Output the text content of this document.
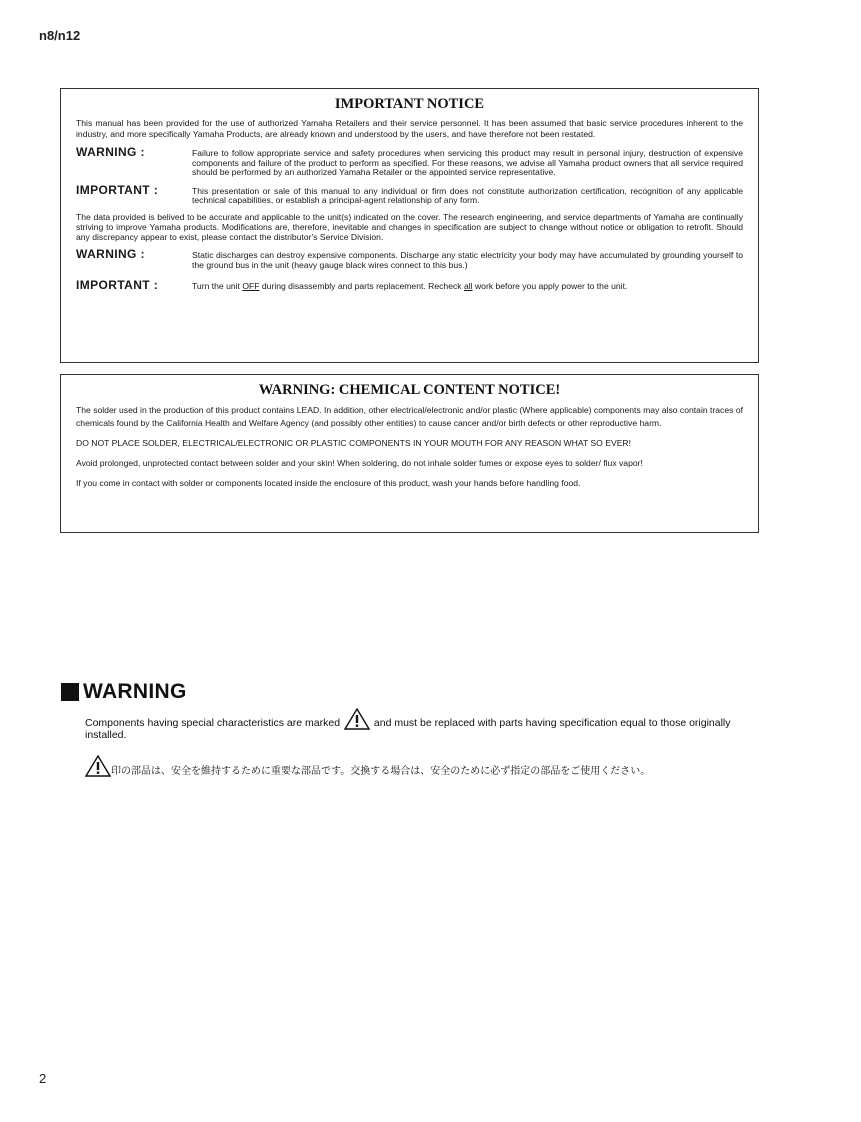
n8/n12
IMPORTANT NOTICE
This manual has been provided for the use of authorized Yamaha Retailers and their service personnel. It has been assumed that basic service procedures inherent to the industry, and more specifically Yamaha Products, are already known and understood by the users, and have therefore not been restated.
WARNING :	Failure to follow appropriate service and safety procedures when servicing this product may result in personal injury, destruction of expensive components and failure of the product to perform as specified. For these reasons, we advise all Yamaha product owners that all service required should be performed by an authorized Yamaha Retailer or the appointed service representative.
IMPORTANT :	This presentation or sale of this manual to any individual or firm does not constitute authorization certification, recognition of any applicable technical capabilities, or establish a principal-agent relationship of any form.
The data provided is belived to be accurate and applicable to the unit(s) indicated on the cover. The research engineering, and service departments of Yamaha are continually striving to improve Yamaha products. Modifications are, therefore, inevitable and changes in specification are subject to change without notice or obligation to retrofit. Should any discrepancy appear to exist, please contact the distributor's Service Division.
WARNING :	Static discharges can destroy expensive components. Discharge any static electricity your body may have accumulated by grounding yourself to the ground bus in the unit (heavy gauge black wires connect to this bus.)
IMPORTANT :	Turn the unit OFF during disassembly and parts replacement. Recheck all work before you apply power to the unit.
WARNING: CHEMICAL CONTENT NOTICE!
The solder used in the production of this product contains LEAD. In addition, other electrical/electronic and/or plastic (Where applicable) components may also contain traces of chemicals found by the California Health and Welfare Agency (and possibly other entities) to cause cancer and/or birth defects or other reproductive harm.
DO NOT PLACE SOLDER, ELECTRICAL/ELECTRONIC OR PLASTIC COMPONENTS IN YOUR MOUTH FOR ANY REASON WHAT SO EVER!
Avoid prolonged, unprotected contact between solder and your skin! When soldering, do not inhale solder fumes or expose eyes to solder/ flux vapor!
If you come in contact with solder or components located inside the enclosure of this product, wash your hands before handling food.
WARNING
Components having special characteristics are marked	and must be replaced with parts having specification equal to those originally installed.
印の部品は、安全を維持するために重要な部品です。交換する場合は、安全のために必ず指定の部品をご使用ください。
2
